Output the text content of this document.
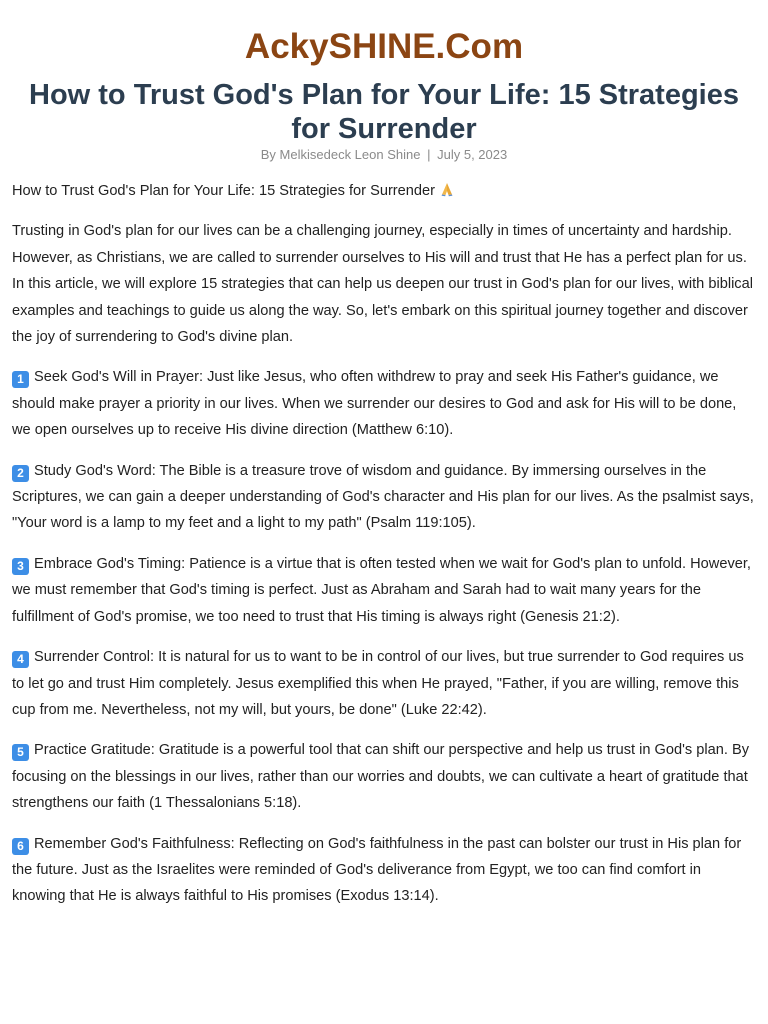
AckySHINE.Com
How to Trust God's Plan for Your Life: 15 Strategies for Surrender

By Melkisedeck Leon Shine | July 5, 2023

How to Trust God's Plan for Your Life: 15 Strategies for Surrender

Trusting in God's plan for our lives can be a challenging journey, especially in times of uncertainty and hardship. However, as Christians, we are called to surrender ourselves to His will and trust that He has a perfect plan for us. In this article, we will explore 15 strategies that can help us deepen our trust in God's plan for our lives, with biblical examples and teachings to guide us along the way. So, let's embark on this spiritual journey together and discover the joy of surrendering to God's divine plan.

1 Seek God's Will in Prayer: Just like Jesus, who often withdrew to pray and seek His Father's guidance, we should make prayer a priority in our lives. When we surrender our desires to God and ask for His will to be done, we open ourselves up to receive His divine direction (Matthew 6:10).

2 Study God's Word: The Bible is a treasure trove of wisdom and guidance. By immersing ourselves in the Scriptures, we can gain a deeper understanding of God's character and His plan for our lives. As the psalmist says, "Your word is a lamp to my feet and a light to my path" (Psalm 119:105).

3 Embrace God's Timing: Patience is a virtue that is often tested when we wait for God's plan to unfold. However, we must remember that God's timing is perfect. Just as Abraham and Sarah had to wait many years for the fulfillment of God's promise, we too need to trust that His timing is always right (Genesis 21:2).

4 Surrender Control: It is natural for us to want to be in control of our lives, but true surrender to God requires us to let go and trust Him completely. Jesus exemplified this when He prayed, "Father, if you are willing, remove this cup from me. Nevertheless, not my will, but yours, be done" (Luke 22:42).

5 Practice Gratitude: Gratitude is a powerful tool that can shift our perspective and help us trust in God's plan. By focusing on the blessings in our lives, rather than our worries and doubts, we can cultivate a heart of gratitude that strengthens our faith (1 Thessalonians 5:18).

6 Remember God's Faithfulness: Reflecting on God's faithfulness in the past can bolster our trust in His plan for the future. Just as the Israelites were reminded of God's deliverance from Egypt, we too can find comfort in knowing that He is always faithful to His promises (Exodus 13:14).
